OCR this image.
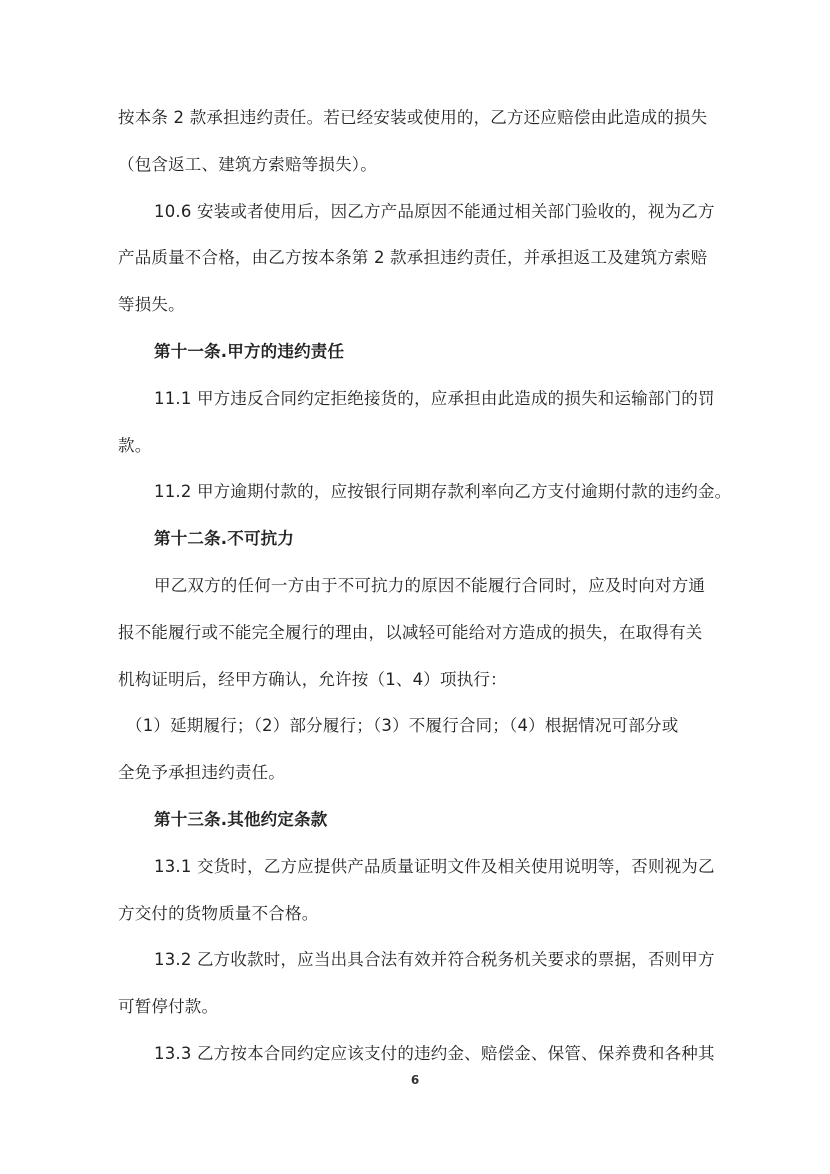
按本条 2 款承担违约责任。若已经安装或使用的，乙方还应赔偿由此造成的损失
（包含返工、建筑方索赔等损失）。
10.6 安装或者使用后，因乙方产品原因不能通过相关部门验收的，视为乙方
产品质量不合格，由乙方按本条第 2 款承担违约责任，并承担返工及建筑方索赔
等损失。
第十一条.甲方的违约责任
11.1 甲方违反合同约定拒绝接货的，应承担由此造成的损失和运输部门的罚
款。
11.2 甲方逾期付款的，应按银行同期存款利率向乙方支付逾期付款的违约金。
第十二条.不可抗力
甲乙双方的任何一方由于不可抗力的原因不能履行合同时，应及时向对方通
报不能履行或不能完全履行的理由，以减轻可能给对方造成的损失，在取得有关
机构证明后，经甲方确认，允许按（1、4）项执行：
（1）延期履行；（2）部分履行；（3）不履行合同；（4）根据情况可部分或
全免予承担违约责任。
第十三条.其他约定条款
13.1 交货时，乙方应提供产品质量证明文件及相关使用说明等，否则视为乙
方交付的货物质量不合格。
13.2 乙方收款时，应当出具合法有效并符合税务机关要求的票据，否则甲方
可暂停付款。
13.3 乙方按本合同约定应该支付的违约金、赔偿金、保管、保养费和各种其
6
